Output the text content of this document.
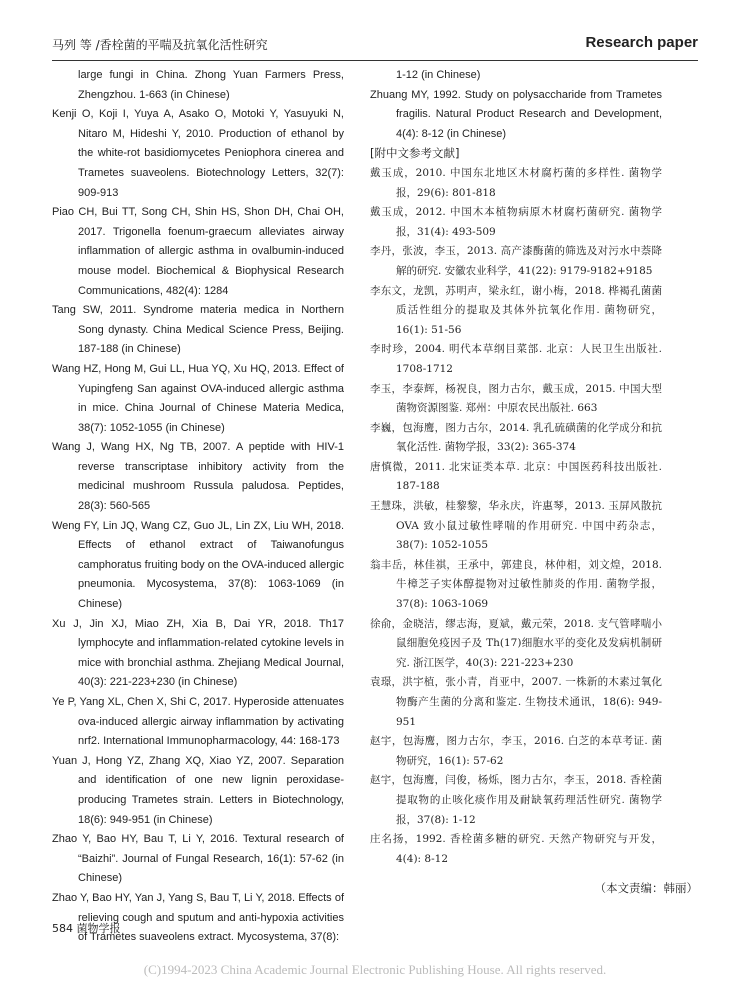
马列 等 /香栓菌的平喘及抗氧化活性研究	Research paper

large fungi in China. Zhong Yuan Farmers Press, Zhengzhou. 1-663 (in Chinese)

Kenji O, Koji I, Yuya A, Asako O, Motoki Y, Yasuyuki N, Nitaro M, Hideshi Y, 2010. Production of ethanol by the white-rot basidiomycetes Peniophora cinerea and Trametes suaveolens. Biotechnology Letters, 32(7): 909-913

Piao CH, Bui TT, Song CH, Shin HS, Shon DH, Chai OH, 2017. Trigonella foenum-graecum alleviates airway inflammation of allergic asthma in ovalbumin-induced mouse model. Biochemical & Biophysical Research Communications, 482(4): 1284

Tang SW, 2011. Syndrome materia medica in Northern Song dynasty. China Medical Science Press, Beijing. 187-188 (in Chinese)

Wang HZ, Hong M, Gui LL, Hua YQ, Xu HQ, 2013. Effect of Yupingfeng San against OVA-induced allergic asthma in mice. China Journal of Chinese Materia Medica, 38(7): 1052-1055 (in Chinese)

Wang J, Wang HX, Ng TB, 2007. A peptide with HIV-1 reverse transcriptase inhibitory activity from the medicinal mushroom Russula paludosa. Peptides, 28(3): 560-565

Weng FY, Lin JQ, Wang CZ, Guo JL, Lin ZX, Liu WH, 2018. Effects of ethanol extract of Taiwanofungus camphoratus fruiting body on the OVA-induced allergic pneumonia. Mycosystema, 37(8): 1063-1069 (in Chinese)

Xu J, Jin XJ, Miao ZH, Xia B, Dai YR, 2018. Th17 lymphocyte and inflammation-related cytokine levels in mice with bronchial asthma. Zhejiang Medical Journal, 40(3): 221-223+230 (in Chinese)

Ye P, Yang XL, Chen X, Shi C, 2017. Hyperoside attenuates ova-induced allergic airway inflammation by activating nrf2. International Immunopharmacology, 44: 168-173

Yuan J, Hong YZ, Zhang XQ, Xiao YZ, 2007. Separation and identification of one new lignin peroxidase-producing Trametes strain. Letters in Biotechnology, 18(6): 949-951 (in Chinese)

Zhao Y, Bao HY, Bau T, Li Y, 2016. Textural research of “Baizhi”. Journal of Fungal Research, 16(1): 57-62 (in Chinese)

Zhao Y, Bao HY, Yan J, Yang S, Bau T, Li Y, 2018. Effects of relieving cough and sputum and anti-hypoxia activities of Trametes suaveolens extract. Mycosystema, 37(8):

1-12 (in Chinese)

Zhuang MY, 1992. Study on polysaccharide from Trametes fragilis. Natural Product Research and Development, 4(4): 8-12 (in Chinese)

[附中文参考文献]

戴玉成，2010. 中国东北地区木材腐朽菌的多样性. 菌物学报，29(6): 801-818

戴玉成，2012. 中国木本植物病原木材腐朽菌研究. 菌物学报，31(4): 493-509

李丹，张波，李玉，2013. 高产漆酶菌的筛选及对污水中萘降解的研究. 安徽农业科学，41(22): 9179-9182+9185

李东文，龙凯，苏明声，梁永红，谢小梅，2018. 桦褐孔菌菌质活性组分的提取及其体外抗氧化作用. 菌物研究，16(1): 51-56

李时珍，2004. 明代本草纲目菜部. 北京：人民卫生出版社. 1708-1712

李玉，李泰辉，杨祝良，图力古尔，戴玉成，2015. 中国大型菌物资源图鉴. 郑州：中原农民出版社. 663

李巍，包海鹰，图力古尔，2014. 乳孔硫磺菌的化学成分和抗氧化活性. 菌物学报，33(2): 365-374

唐慎微，2011. 北宋证类本草. 北京：中国医药科技出版社. 187-188

王慧珠，洪敏，桂黎黎，华永庆，许惠琴，2013. 玉屏风散抗 OVA 致小鼠过敏性哮喘的作用研究. 中国中药杂志，38(7): 1052-1055

翁丰岳，林佳祺，王承中，郭建良，林仲相，刘文煌，2018. 牛樟芝子实体醇提物对过敏性肺炎的作用. 菌物学报，37(8): 1063-1069

徐俞，金晓洁，缪志海，夏斌，戴元荣，2018. 支气管哮喘小鼠细胞免疫因子及 Th(17)细胞水平的变化及发病机制研究. 浙江医学，40(3): 221-223+230

袁璟，洪宇植，张小青，肖亚中，2007. 一株新的木素过氧化物酶产生菌的分离和鉴定. 生物技术通讯，18(6): 949-951

赵宇，包海鹰，图力古尔，李玉，2016. 白芝的本草考证. 菌物研究，16(1): 57-62

赵宇，包海鹰，闫俊，杨烁，图力古尔，李玉，2018. 香栓菌提取物的止咳化痰作用及耐缺氧药理活性研究. 菌物学报，37(8): 1-12

庄名扬，1992. 香栓菌多糖的研究. 天然产物研究与开发，4(4): 8-12

（本文责编：韩丽）
584 菌物学报
(C)1994-2023 China Academic Journal Electronic Publishing House. All rights reserved.
